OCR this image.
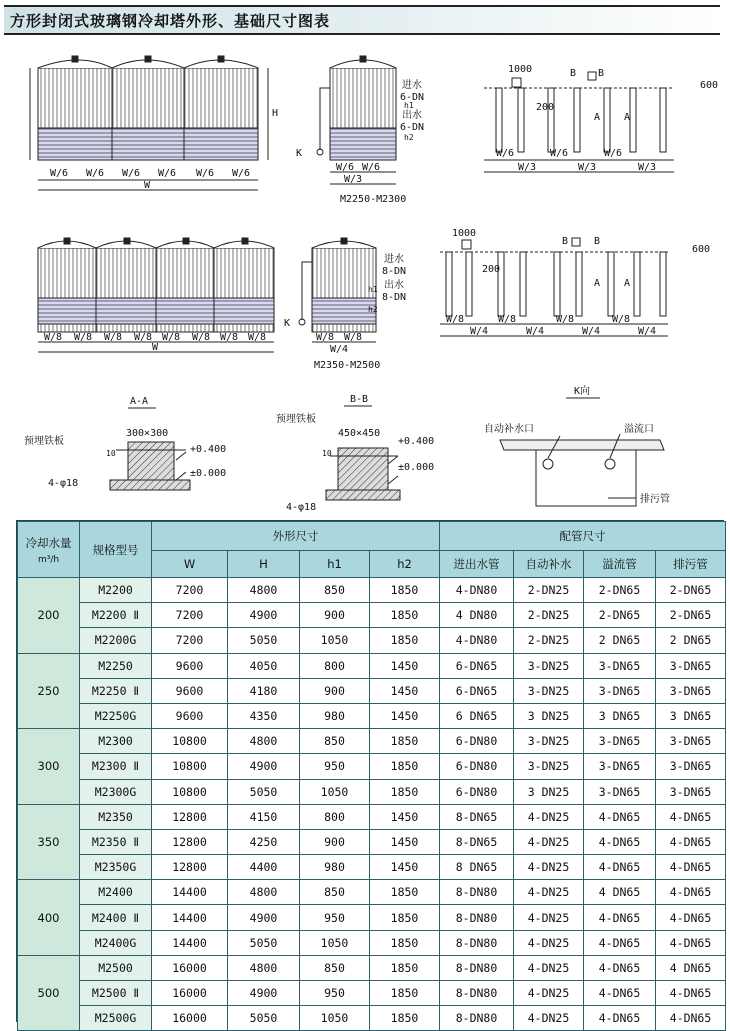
方形封闭式玻璃钢冷却塔外形、基础尺寸图表
W/6 W/6 W/6 W/6 W/6 W/6
W
H
进水
6-DN
出水
6-DN
h1
h2
K
W/6 W/6
W/3
M2250-M2300
1000
200
600
B B
A A
W/6	W/6	W/6
W/3	W/3	W/3
W/8 W/8 W/8 W/8 W/8 W/8 W/8 W/8
W
进水
8-DN
出水
8-DN
h1
h2
K
W/8 W/8
W/4
M2350-M2500
1000
200
600
B	B
A A
W/8	W/8	W/8	W/8
W/4	W/4	W/4	W/4
A-A
预埋铁板
300×300
+0.400
±0.000
10
4-φ18
B-B
预埋铁板
450×450
+0.400
±0.000
10
4-φ18
K向
自动补水口	溢流口
排污管
冷却水量
m³/h	规格型号	外形尺寸				配管尺寸			
		W	H	h1	h2	进出水管	自动补水	溢流管	排污管
200	M2200	7200	4800	850	1850	4-DN80	2-DN25	2-DN65	2-DN65
	M2200 Ⅱ	7200	4900	900	1850	4 DN80	2-DN25	2-DN65	2-DN65
	M2200G	7200	5050	1050	1850	4-DN80	2-DN25	2 DN65	2 DN65
250	M2250	9600	4050	800	1450	6-DN65	3-DN25	3-DN65	3-DN65
	M2250 Ⅱ	9600	4180	900	1450	6-DN65	3-DN25	3-DN65	3-DN65
	M2250G	9600	4350	980	1450	6 DN65	3 DN25	3 DN65	3 DN65
300	M2300	10800	4800	850	1850	6-DN80	3-DN25	3-DN65	3-DN65
	M2300 Ⅱ	10800	4900	950	1850	6-DN80	3-DN25	3-DN65	3-DN65
	M2300G	10800	5050	1050	1850	6-DN80	3 DN25	3-DN65	3-DN65
350	M2350	12800	4150	800	1450	8-DN65	4-DN25	4-DN65	4-DN65
	M2350 Ⅱ	12800	4250	900	1450	8-DN65	4-DN25	4-DN65	4-DN65
	M2350G	12800	4400	980	1450	8 DN65	4-DN25	4-DN65	4-DN65
400	M2400	14400	4800	850	1850	8-DN80	4-DN25	4 DN65	4-DN65
	M2400 Ⅱ	14400	4900	950	1850	8-DN80	4-DN25	4-DN65	4-DN65
	M2400G	14400	5050	1050	1850	8-DN80	4-DN25	4-DN65	4-DN65
500	M2500	16000	4800	850	1850	8-DN80	4-DN25	4-DN65	4 DN65
	M2500 Ⅱ	16000	4900	950	1850	8-DN80	4-DN25	4-DN65	4-DN65
	M2500G	16000	5050	1050	1850	8-DN80	4-DN25	4-DN65	4-DN65
